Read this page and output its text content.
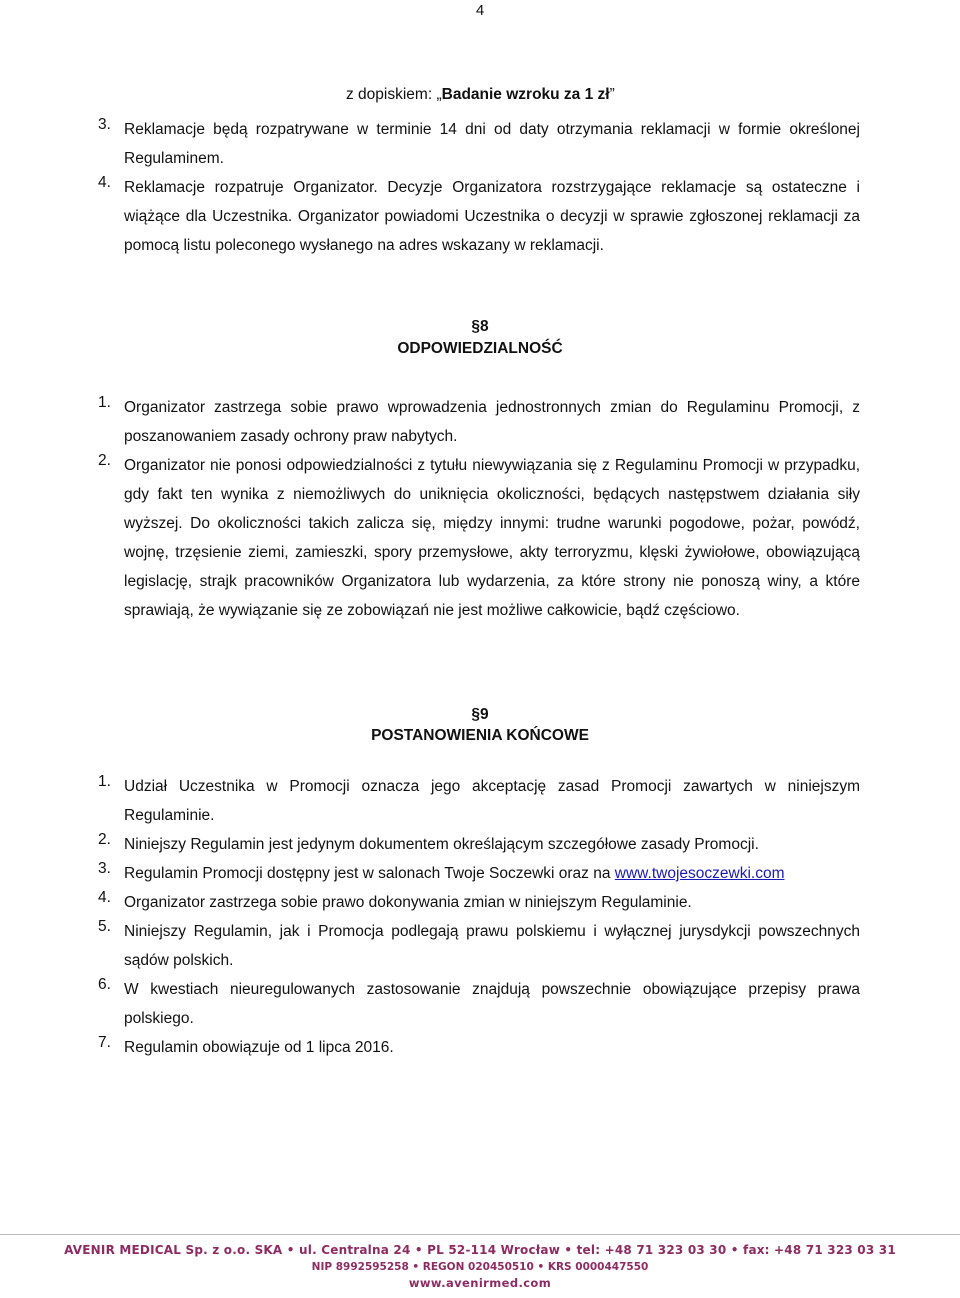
4
z dopiskiem: „Badanie wzroku za 1 zł”
3. Reklamacje będą rozpatrywane w terminie 14 dni od daty otrzymania reklamacji w formie określonej Regulaminem.
4. Reklamacje rozpatruje Organizator. Decyzje Organizatora rozstrzygające reklamacje są ostateczne i wiążące dla Uczestnika. Organizator powiadomi Uczestnika o decyzji w sprawie zgłoszonej reklamacji za pomocą listu poleconego wysłanego na adres wskazany w reklamacji.
§8
ODPOWIEDZIALNOŚĆ
1. Organizator zastrzega sobie prawo wprowadzenia jednostronnych zmian do Regulaminu Promocji, z poszanowaniem zasady ochrony praw nabytych.
2. Organizator nie ponosi odpowiedzialności z tytułu niewywiązania się z Regulaminu Promocji w przypadku, gdy fakt ten wynika z niemożliwych do uniknięcia okoliczności, będących następstwem działania siły wyższej. Do okoliczności takich zalicza się, między innymi: trudne warunki pogodowe, pożar, powódź, wojnę, trzęsienie ziemi, zamieszki, spory przemysłowe, akty terroryzmu, klęski żywiołowe, obowiązującą legislację, strajk pracowników Organizatora lub wydarzenia, za które strony nie ponoszą winy, a które sprawiają, że wywiązanie się ze zobowiązań nie jest możliwe całkowicie, bądź częściowo.
§9
POSTANOWIENIA KOŃCOWE
1. Udział Uczestnika w Promocji oznacza jego akceptację zasad Promocji zawartych w niniejszym Regulaminie.
2. Niniejszy Regulamin jest jedynym dokumentem określającym szczegółowe zasady Promocji.
3. Regulamin Promocji dostępny jest w salonach Twoje Soczewki oraz na www.twojesoczewki.com
4. Organizator zastrzega sobie prawo dokonywania zmian w niniejszym Regulaminie.
5. Niniejszy Regulamin, jak i Promocja podlegają prawu polskiemu i wyłącznej jurysdykcji powszechnych sądów polskich.
6. W kwestiach nieuregulowanych zastosowanie znajdują powszechnie obowiązujące przepisy prawa polskiego.
7. Regulamin obowiązuje od 1 lipca 2016.
AVENIR MEDICAL Sp. z o.o. SKA • ul. Centralna 24 • PL 52-114 Wrocław • tel: +48 71 323 03 30 • fax: +48 71 323 03 31
NIP 8992595258 • REGON 020450510 • KRS 0000447550
www.avenirmed.com
